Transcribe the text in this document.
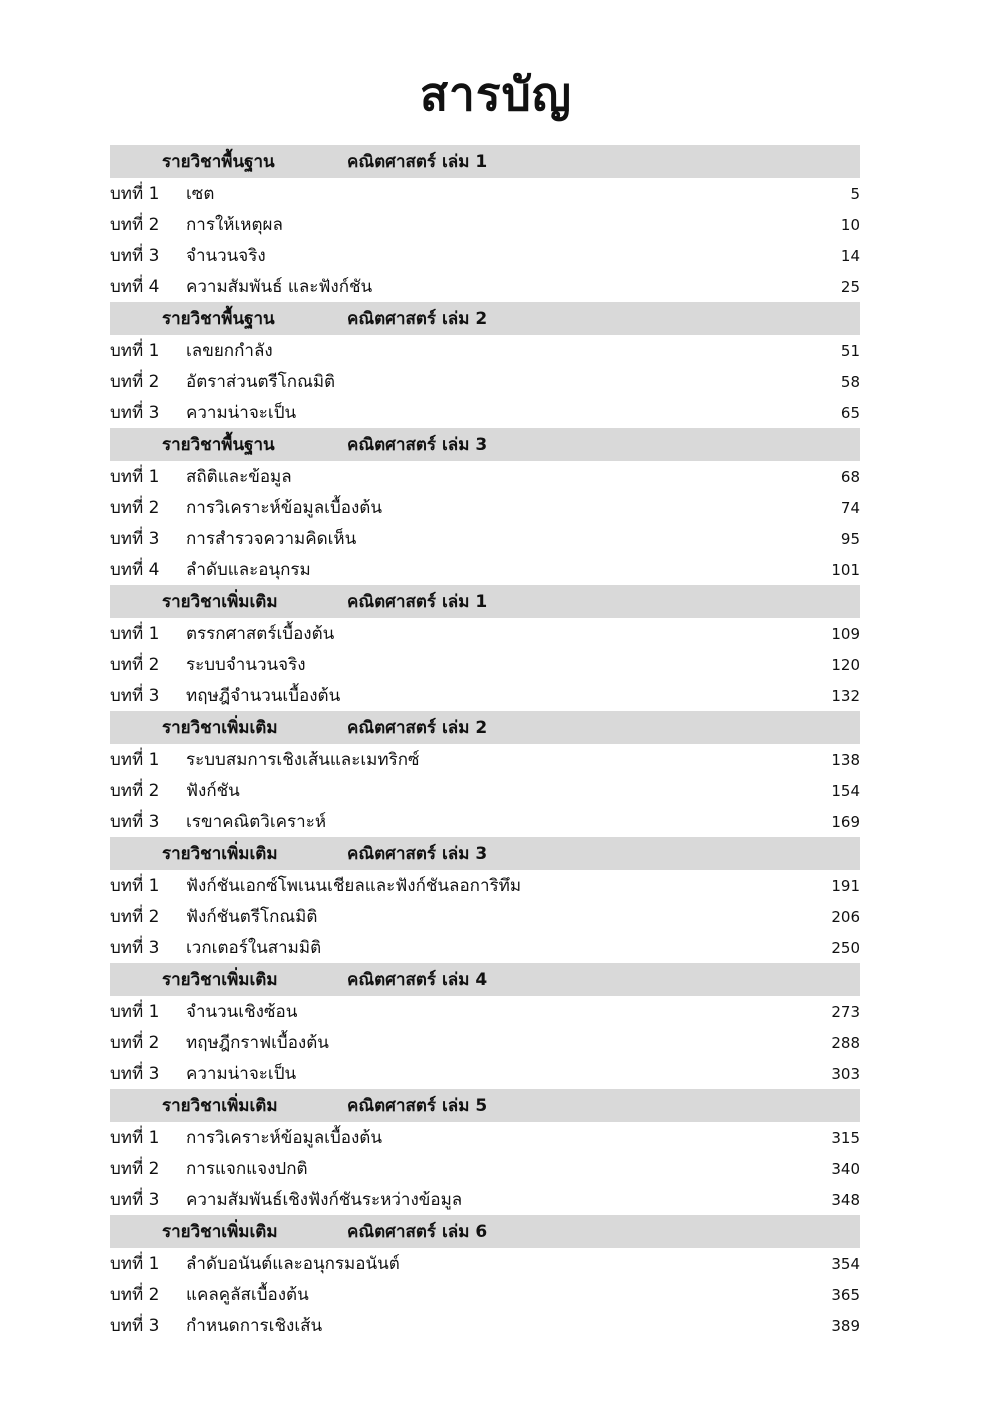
สารบัญ
รายวิชาพื้นฐาน	คณิตศาสตร์ เล่ม 1
บทที่ 1	เซต	5
บทที่ 2	การให้เหตุผล	10
บทที่ 3	จำนวนจริง	14
บทที่ 4	ความสัมพันธ์ และฟังก์ชัน	25
รายวิชาพื้นฐาน	คณิตศาสตร์ เล่ม 2
บทที่ 1	เลขยกกำลัง	51
บทที่ 2	อัตราส่วนตรีโกณมิติ	58
บทที่ 3	ความน่าจะเป็น	65
รายวิชาพื้นฐาน	คณิตศาสตร์ เล่ม 3
บทที่ 1	สถิติและข้อมูล	68
บทที่ 2	การวิเคราะห์ข้อมูลเบื้องต้น	74
บทที่ 3	การสำรวจความคิดเห็น	95
บทที่ 4	ลำดับและอนุกรม	101
รายวิชาเพิ่มเติม	คณิตศาสตร์ เล่ม 1
บทที่ 1	ตรรกศาสตร์เบื้องต้น	109
บทที่ 2	ระบบจำนวนจริง	120
บทที่ 3	ทฤษฎีจำนวนเบื้องต้น	132
รายวิชาเพิ่มเติม	คณิตศาสตร์ เล่ม 2
บทที่ 1	ระบบสมการเชิงเส้นและเมทริกซ์	138
บทที่ 2	ฟังก์ชัน	154
บทที่ 3	เรขาคณิตวิเคราะห์	169
รายวิชาเพิ่มเติม	คณิตศาสตร์ เล่ม 3
บทที่ 1	ฟังก์ชันเอกซ์โพเนนเชียลและฟังก์ชันลอการิทึม	191
บทที่ 2	ฟังก์ชันตรีโกณมิติ	206
บทที่ 3	เวกเตอร์ในสามมิติ	250
รายวิชาเพิ่มเติม	คณิตศาสตร์ เล่ม 4
บทที่ 1	จำนวนเชิงซ้อน	273
บทที่ 2	ทฤษฎีกราฟเบื้องต้น	288
บทที่ 3	ความน่าจะเป็น	303
รายวิชาเพิ่มเติม	คณิตศาสตร์ เล่ม 5
บทที่ 1	การวิเคราะห์ข้อมูลเบื้องต้น	315
บทที่ 2	การแจกแจงปกติ	340
บทที่ 3	ความสัมพันธ์เชิงฟังก์ชันระหว่างข้อมูล	348
รายวิชาเพิ่มเติม	คณิตศาสตร์ เล่ม 6
บทที่ 1	ลำดับอนันต์และอนุกรมอนันต์	354
บทที่ 2	แคลคูลัสเบื้องต้น	365
บทที่ 3	กำหนดการเชิงเส้น	389
